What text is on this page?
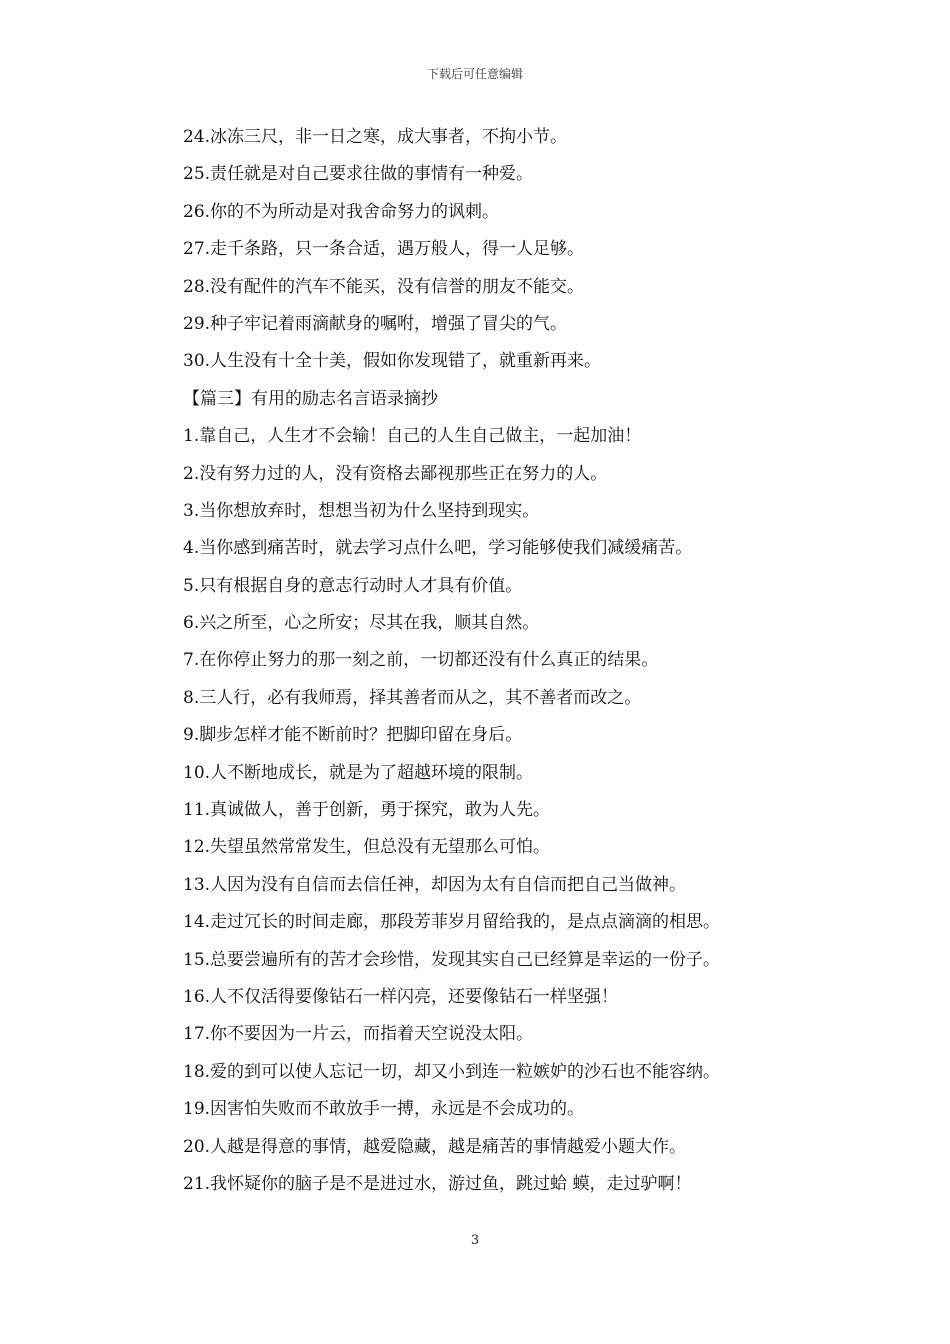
下载后可任意编辑
24.冰冻三尺，非一日之寒，成大事者，不拘小节。
25.责任就是对自己要求往做的事情有一种爱。
26.你的不为所动是对我舍命努力的讽刺。
27.走千条路，只一条合适，遇万般人，得一人足够。
28.没有配件的汽车不能买，没有信誉的朋友不能交。
29.种子牢记着雨滴献身的嘱咐，增强了冒尖的气。
30.人生没有十全十美，假如你发现错了，就重新再来。
【篇三】有用的励志名言语录摘抄
1.靠自己，人生才不会输！自己的人生自己做主，一起加油！
2.没有努力过的人，没有资格去鄙视那些正在努力的人。
3.当你想放弃时，想想当初为什么坚持到现实。
4.当你感到痛苦时，就去学习点什么吧，学习能够使我们减缓痛苦。
5.只有根据自身的意志行动时人才具有价值。
6.兴之所至，心之所安；尽其在我，顺其自然。
7.在你停止努力的那一刻之前，一切都还没有什么真正的结果。
8.三人行，必有我师焉，择其善者而从之，其不善者而改之。
9.脚步怎样才能不断前时？把脚印留在身后。
10.人不断地成长，就是为了超越环境的限制。
11.真诚做人，善于创新，勇于探究，敢为人先。
12.失望虽然常常发生，但总没有无望那么可怕。
13.人因为没有自信而去信任神，却因为太有自信而把自己当做神。
14.走过冗长的时间走廊，那段芳菲岁月留给我的，是点点滴滴的相思。
15.总要尝遍所有的苦才会珍惜，发现其实自己已经算是幸运的一份子。
16.人不仅活得要像钻石一样闪亮，还要像钻石一样坚强！
17.你不要因为一片云，而指着天空说没太阳。
18.爱的到可以使人忘记一切，却又小到连一粒嫉妒的沙石也不能容纳。
19.因害怕失败而不敢放手一搏，永远是不会成功的。
20.人越是得意的事情，越爱隐藏，越是痛苦的事情越爱小题大作。
21.我怀疑你的脑子是不是进过水，游过鱼，跳过蛤 蟆，走过驴啊！
3
